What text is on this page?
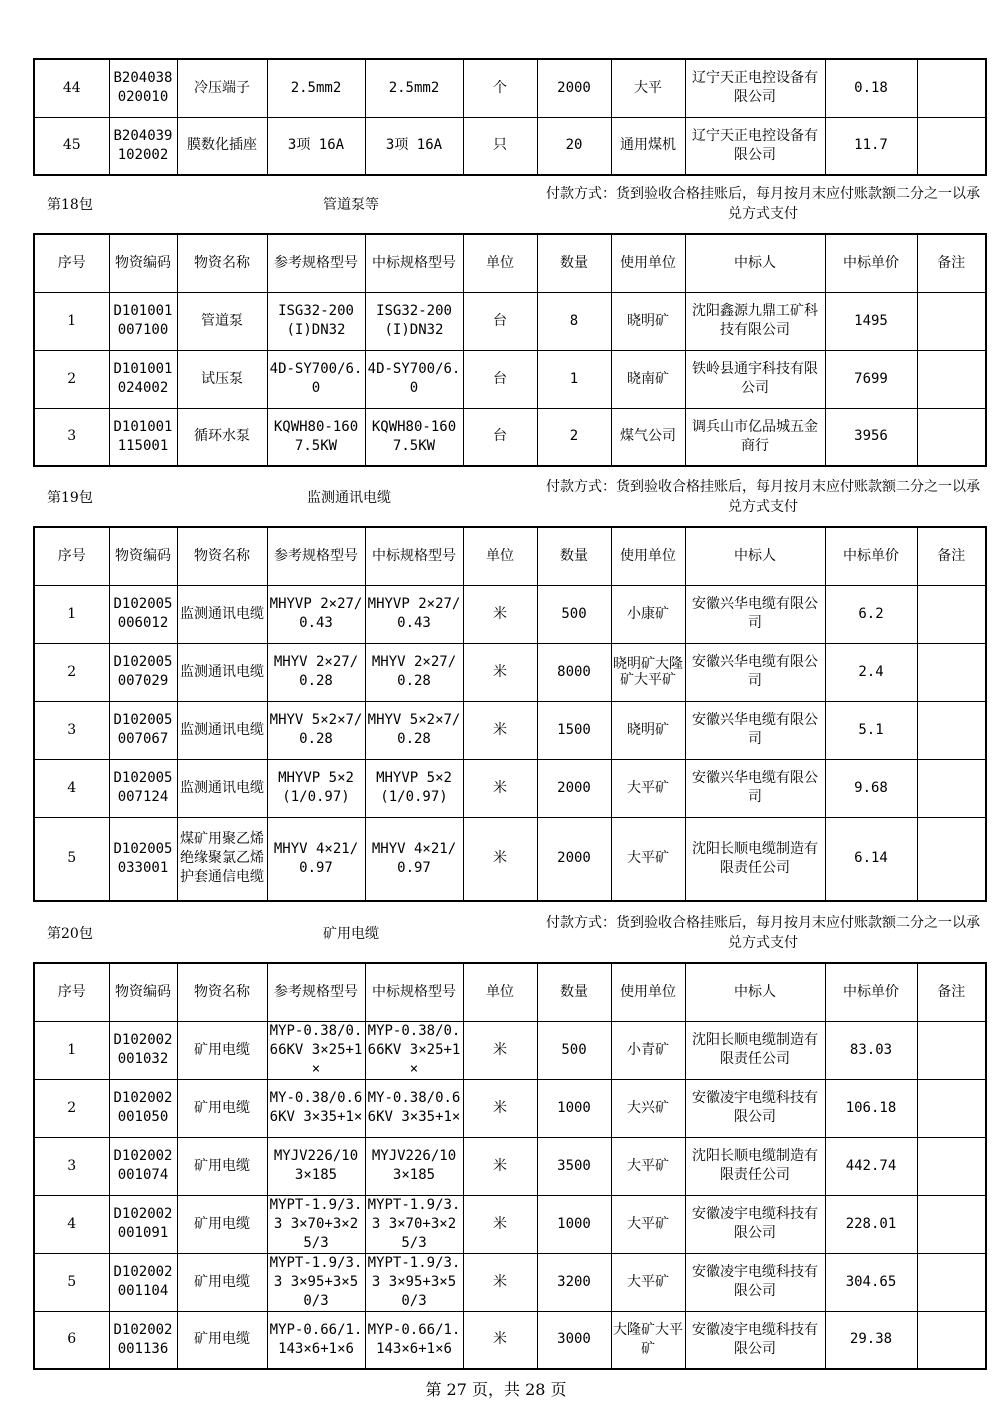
44	B204038020010	冷压端子	2.5mm2	2.5mm2	个	2000	大平	辽宁天正电控设备有限公司	0.18	
45	B204039102002	膜数化插座	3项 16A	3项 16A	只	20	通用煤机	辽宁天正电控设备有限公司	11.7	
第18包	管道泵等
付款方式：货到验收合格挂账后，每月按月末应付账款额二分之一以承兑方式支付
序号	物资编码	物资名称	参考规格型号	中标规格型号	单位	数量	使用单位	中标人	中标单价	备注
1	D101001007100	管道泵	ISG32-200(I)DN32	ISG32-200(I)DN32	台	8	晓明矿	沈阳鑫源九鼎工矿科技有限公司	1495	
2	D101001024002	试压泵	4D-SY700/6.0	4D-SY700/6.0	台	1	晓南矿	铁岭县通宇科技有限公司	7699	
3	D101001115001	循环水泵	KQWH80-1607.5KW	KQWH80-1607.5KW	台	2	煤气公司	调兵山市亿品城五金商行	3956	
第19包	监测通讯电缆
付款方式：货到验收合格挂账后，每月按月末应付账款额二分之一以承兑方式支付
序号	物资编码	物资名称	参考规格型号	中标规格型号	单位	数量	使用单位	中标人	中标单价	备注
1	D102005006012	监测通讯电缆	MHYVP 2×27/0.43	MHYVP 2×27/0.43	米	500	小康矿	安徽兴华电缆有限公司	6.2	
2	D102005007029	监测通讯电缆	MHYV 2×27/0.28	MHYV 2×27/0.28	米	8000	晓明矿大隆矿大平矿	安徽兴华电缆有限公司	2.4	
3	D102005007067	监测通讯电缆	MHYV 5×2×7/0.28	MHYV 5×2×7/0.28	米	1500	晓明矿	安徽兴华电缆有限公司	5.1	
4	D102005007124	监测通讯电缆	MHYVP 5×2(1/0.97)	MHYVP 5×2(1/0.97)	米	2000	大平矿	安徽兴华电缆有限公司	9.68	
5	D102005033001	煤矿用聚乙烯绝缘聚氯乙烯护套通信电缆	MHYV 4×21/0.97	MHYV 4×21/0.97	米	2000	大平矿	沈阳长顺电缆制造有限责任公司	6.14	
第20包	矿用电缆
付款方式：货到验收合格挂账后，每月按月末应付账款额二分之一以承兑方式支付
序号	物资编码	物资名称	参考规格型号	中标规格型号	单位	数量	使用单位	中标人	中标单价	备注
1	D102002001032	矿用电缆	MYP-0.38/0.66KV 3×25+1×	MYP-0.38/0.66KV 3×25+1×	米	500	小青矿	沈阳长顺电缆制造有限责任公司	83.03	
2	D102002001050	矿用电缆	MY-0.38/0.66KV 3×35+1×	MY-0.38/0.66KV 3×35+1×	米	1000	大兴矿	安徽凌宇电缆科技有限公司	106.18	
3	D102002001074	矿用电缆	MYJV226/10 3×185	MYJV226/10 3×185	米	3500	大平矿	沈阳长顺电缆制造有限责任公司	442.74	
4	D102002001091	矿用电缆	MYPT-1.9/3.3 3×70+3×25/3	MYPT-1.9/3.3 3×70+3×25/3	米	1000	大平矿	安徽凌宇电缆科技有限公司	228.01	
5	D102002001104	矿用电缆	MYPT-1.9/3.3 3×95+3×50/3	MYPT-1.9/3.3 3×95+3×50/3	米	3200	大平矿	安徽凌宇电缆科技有限公司	304.65	
6	D102002001136	矿用电缆	MYP-0.66/1.143×6+1×6	MYP-0.66/1.143×6+1×6	米	3000	大隆矿大平矿	安徽凌宇电缆科技有限公司	29.38	
第 27 页，共 28 页
